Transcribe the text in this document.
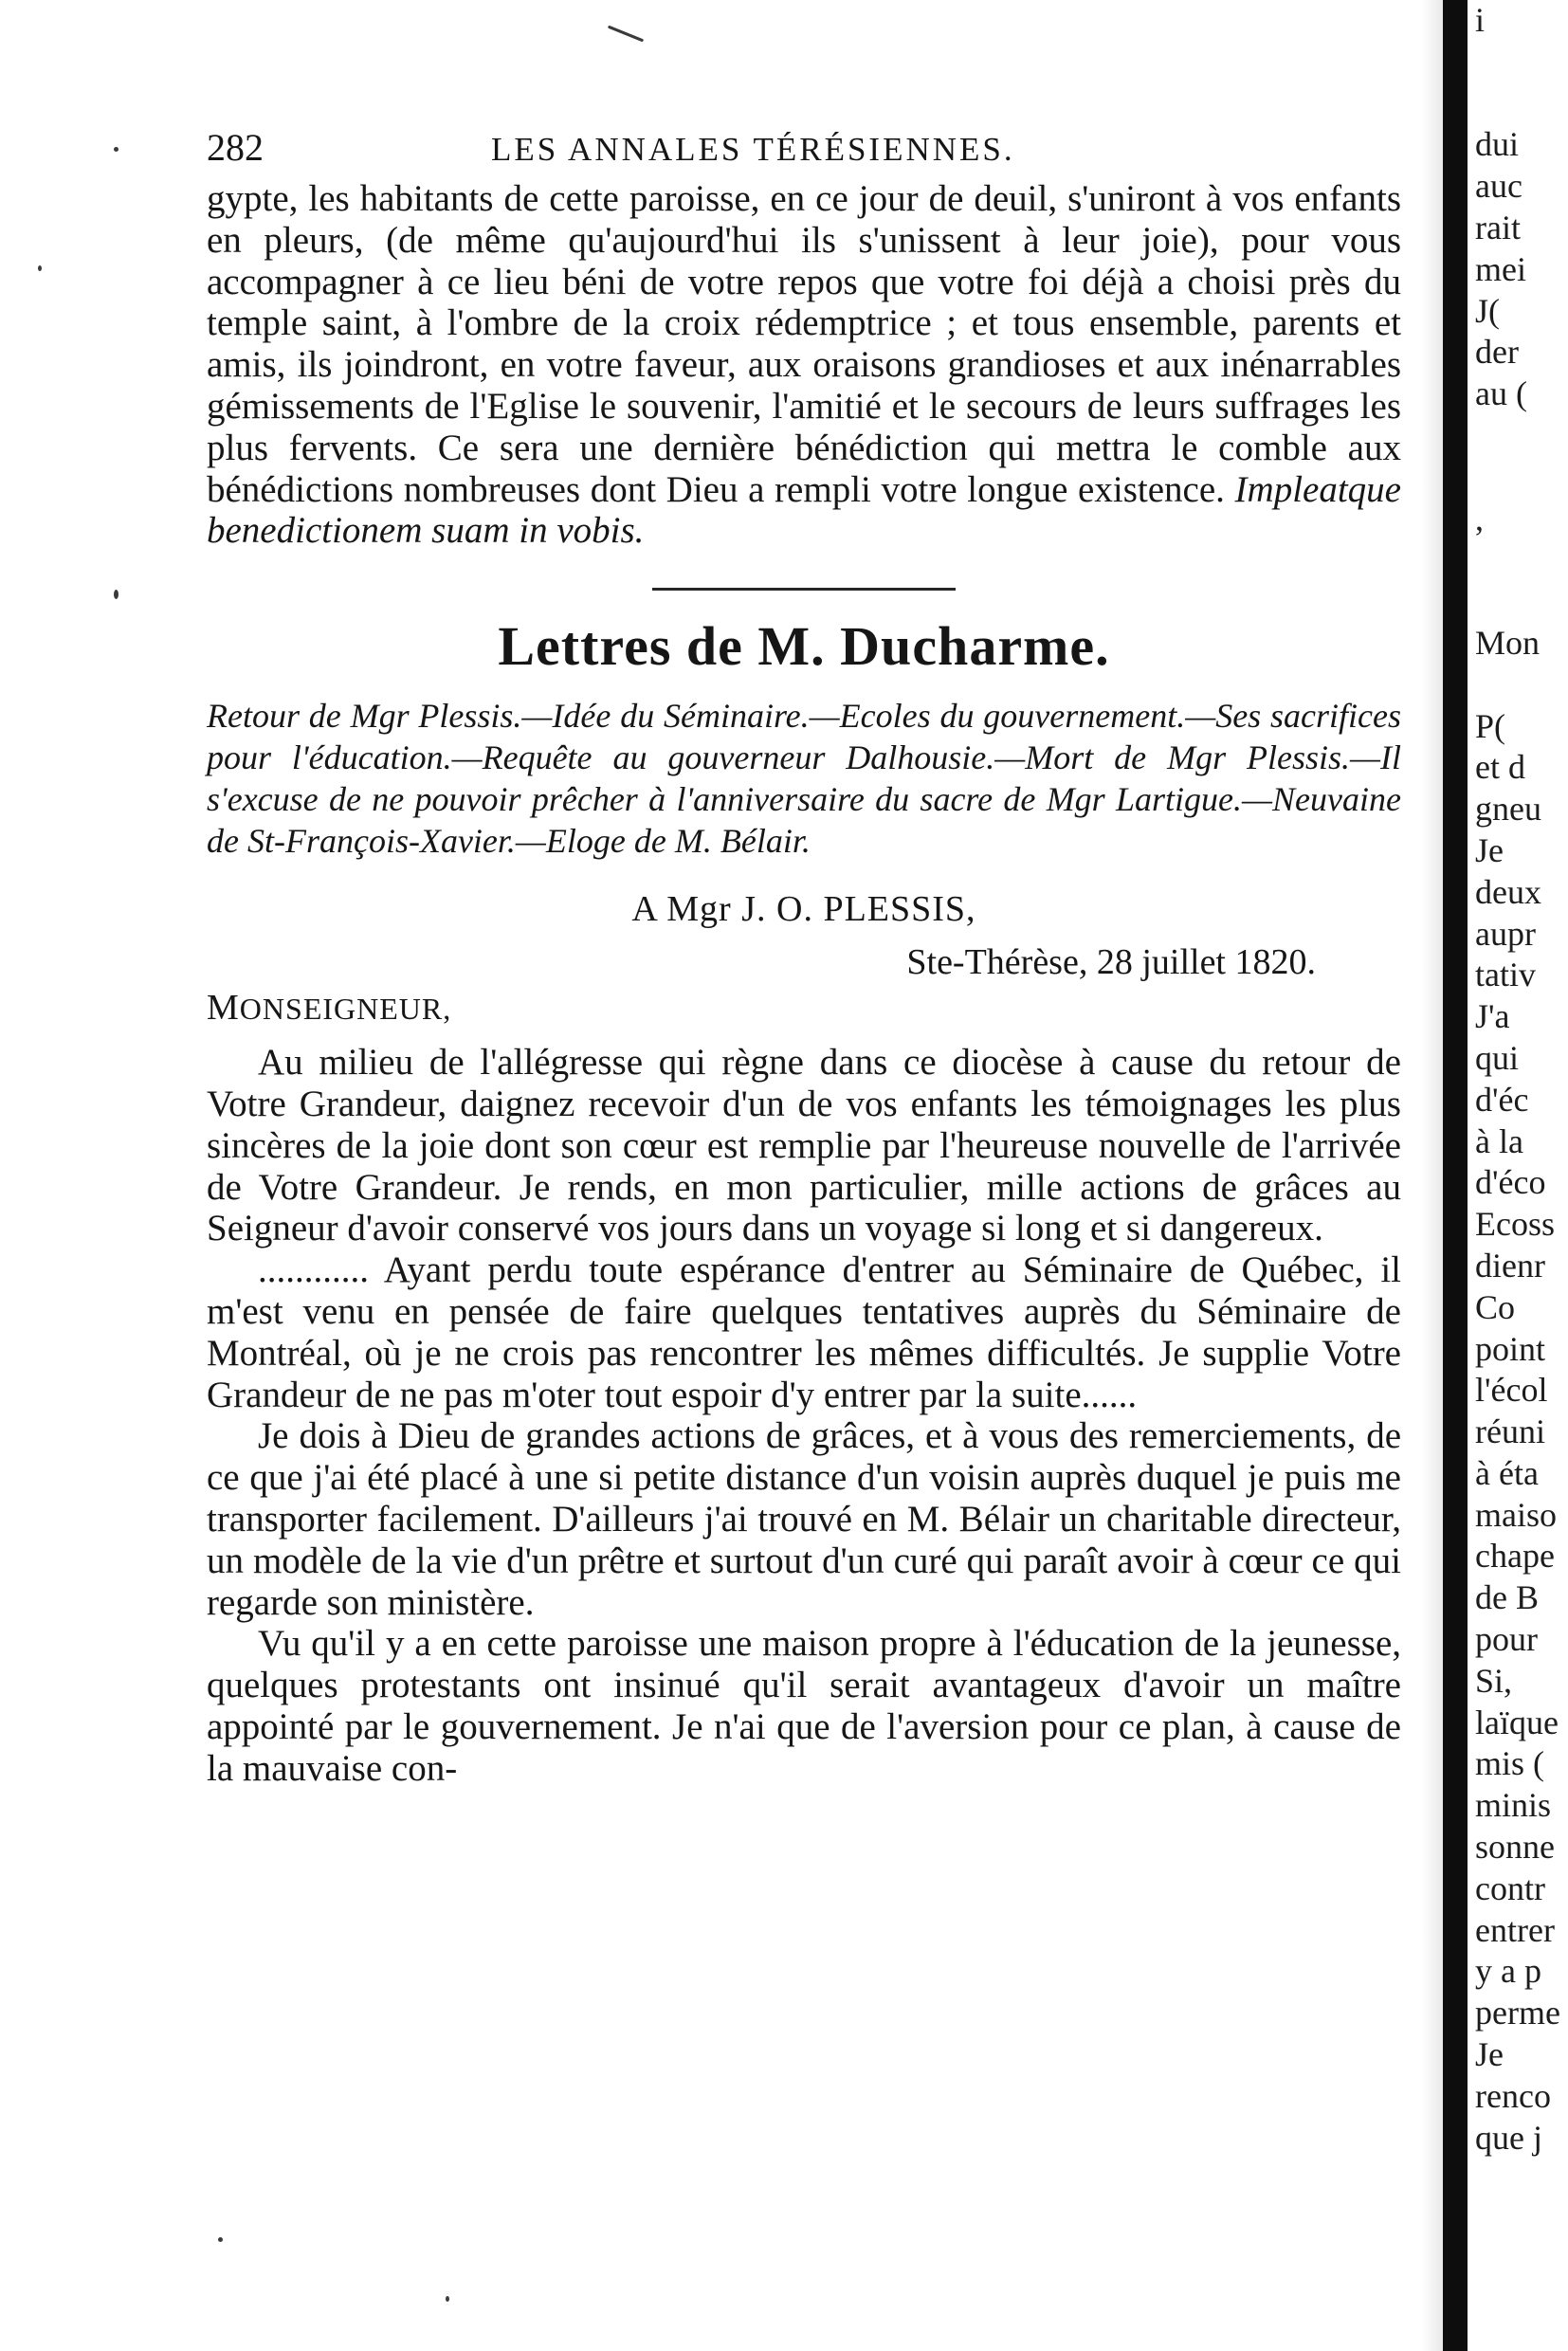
282	LES ANNALES TÉRÉSIENNES.

gypte, les habitants de cette paroisse, en ce jour de deuil, s'uniront à vos enfants en pleurs, (de même qu'aujourd'hui ils s'unissent à leur joie), pour vous accompagner à ce lieu béni de votre repos que votre foi déjà a choisi près du temple saint, à l'ombre de la croix rédemptrice ; et tous ensemble, parents et amis, ils joindront, en votre faveur, aux oraisons grandioses et aux inénarrables gémissements de l'Eglise le souvenir, l'amitié et le secours de leurs suffrages les plus fervents. Ce sera une dernière bénédiction qui mettra le comble aux bénédictions nombreuses dont Dieu a rempli votre longue existence. Impleatque benedictionem suam in vobis.

Lettres de M. Ducharme.

Retour de Mgr Plessis.—Idée du Séminaire.—Ecoles du gouvernement.—Ses sacrifices pour l'éducation.—Requête au gouverneur Dalhousie.—Mort de Mgr Plessis.—Il s'excuse de ne pouvoir prêcher à l'anniversaire du sacre de Mgr Lartigue.—Neuvaine de St-François-Xavier.—Eloge de M. Bélair.

A Mgr J. O. PLESSIS,
Ste-Thérèse, 28 juillet 1820.
MONSEIGNEUR,

Au milieu de l'allégresse qui règne dans ce diocèse à cause du retour de Votre Grandeur, daignez recevoir d'un de vos enfants les témoignages les plus sincères de la joie dont son cœur est remplie par l'heureuse nouvelle de l'arrivée de Votre Grandeur. Je rends, en mon particulier, mille actions de grâces au Seigneur d'avoir conservé vos jours dans un voyage si long et si dangereux.

............ Ayant perdu toute espérance d'entrer au Séminaire de Québec, il m'est venu en pensée de faire quelques tentatives auprès du Séminaire de Montréal, où je ne crois pas rencontrer les mêmes difficultés. Je supplie Votre Grandeur de ne pas m'oter tout espoir d'y entrer par la suite......

Je dois à Dieu de grandes actions de grâces, et à vous des remerciements, de ce que j'ai été placé à une si petite distance d'un voisin auprès duquel je puis me transporter facilement. D'ailleurs j'ai trouvé en M. Bélair un charitable directeur, un modèle de la vie d'un prêtre et surtout d'un curé qui paraît avoir à cœur ce qui regarde son ministère.

Vu qu'il y a en cette paroisse une maison propre à l'éducation de la jeunesse, quelques protestants ont insinué qu'il serait avantageux d'avoir un maître appointé par le gouvernement. Je n'ai que de l'aversion pour ce plan, à cause de la mauvaise con-

i
dui
auc
rait
mei
J(
der
au (
,
Mon
P(
et d
gneu
Je
deux
aupr
tativ
J'a
qui
d'éc
à la
d'éco
Ecoss
dienr
Co
point
l'écol
réuni
à éta
maiso
chape
de B
pour
Si,
laïque
mis (
minis
sonne
contr
entrer
y a p
perme
Je
renco
que j
